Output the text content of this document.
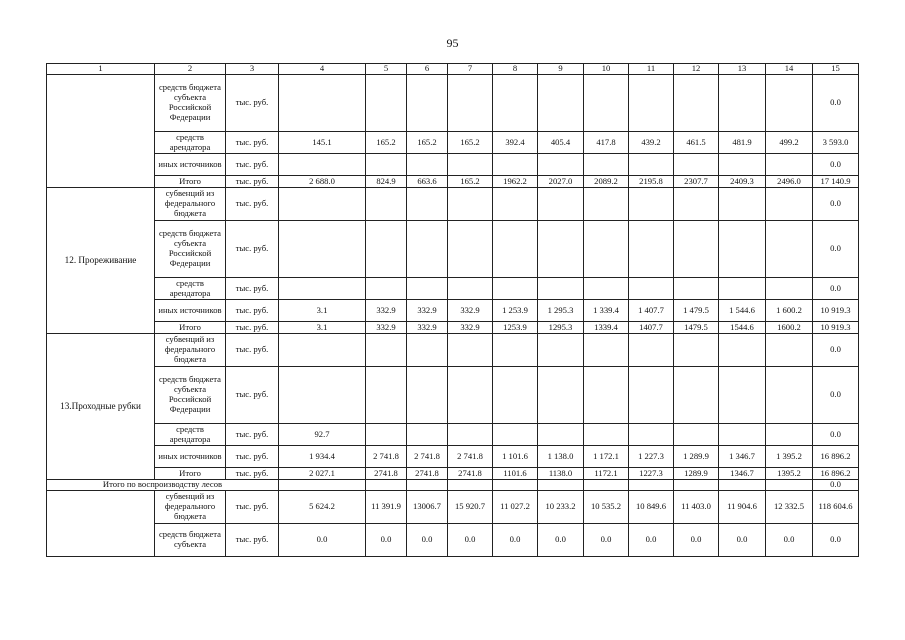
95
1	2	3	4	5	6	7	8	9	10	11	12	13	14	15
	средств бюджета субъекта Российской Федерации	тыс. руб.												0.0
	средств арендатора	тыс. руб.	145.1	165.2	165.2	165.2	392.4	405.4	417.8	439.2	461.5	481.9	499.2	3 593.0
	иных источников	тыс. руб.												0.0
	Итого	тыс. руб.	2 688.0	824.9	663.6	165.2	1962.2	2027.0	2089.2	2195.8	2307.7	2409.3	2496.0	17 140.9
12. Прореживание	субвенций из федерального бюджета	тыс. руб.												0.0
	средств бюджета субъекта Российской Федерации	тыс. руб.												0.0
	средств арендатора	тыс. руб.												0.0
	иных источников	тыс. руб.	3.1	332.9	332.9	332.9	1 253.9	1 295.3	1 339.4	1 407.7	1 479.5	1 544.6	1 600.2	10 919.3
	Итого	тыс. руб.	3.1	332.9	332.9	332.9	1253.9	1295.3	1339.4	1407.7	1479.5	1544.6	1600.2	10 919.3
13.Проходные рубки	субвенций из федерального бюджета	тыс. руб.												0.0
	средств бюджета субъекта Российской Федерации	тыс. руб.												0.0
	средств арендатора	тыс. руб.	92.7											0.0
	иных источников	тыс. руб.	1 934.4	2 741.8	2 741.8	2 741.8	1 101.6	1 138.0	1 172.1	1 227.3	1 289.9	1 346.7	1 395.2	16 896.2
	Итого	тыс. руб.	2 027.1	2741.8	2741.8	2741.8	1101.6	1138.0	1172.1	1227.3	1289.9	1346.7	1395.2	16 896.2
Итого по воспроизводству лесов														0.0
	субвенций из федерального бюджета	тыс. руб.	5 624.2	11 391.9	13006.7	15 920.7	11 027.2	10 233.2	10 535.2	10 849.6	11 403.0	11 904.6	12 332.5	118 604.6
	средств бюджета субъекта	тыс. руб.	0.0	0.0	0.0	0.0	0.0	0.0	0.0	0.0	0.0	0.0	0.0	0.0
